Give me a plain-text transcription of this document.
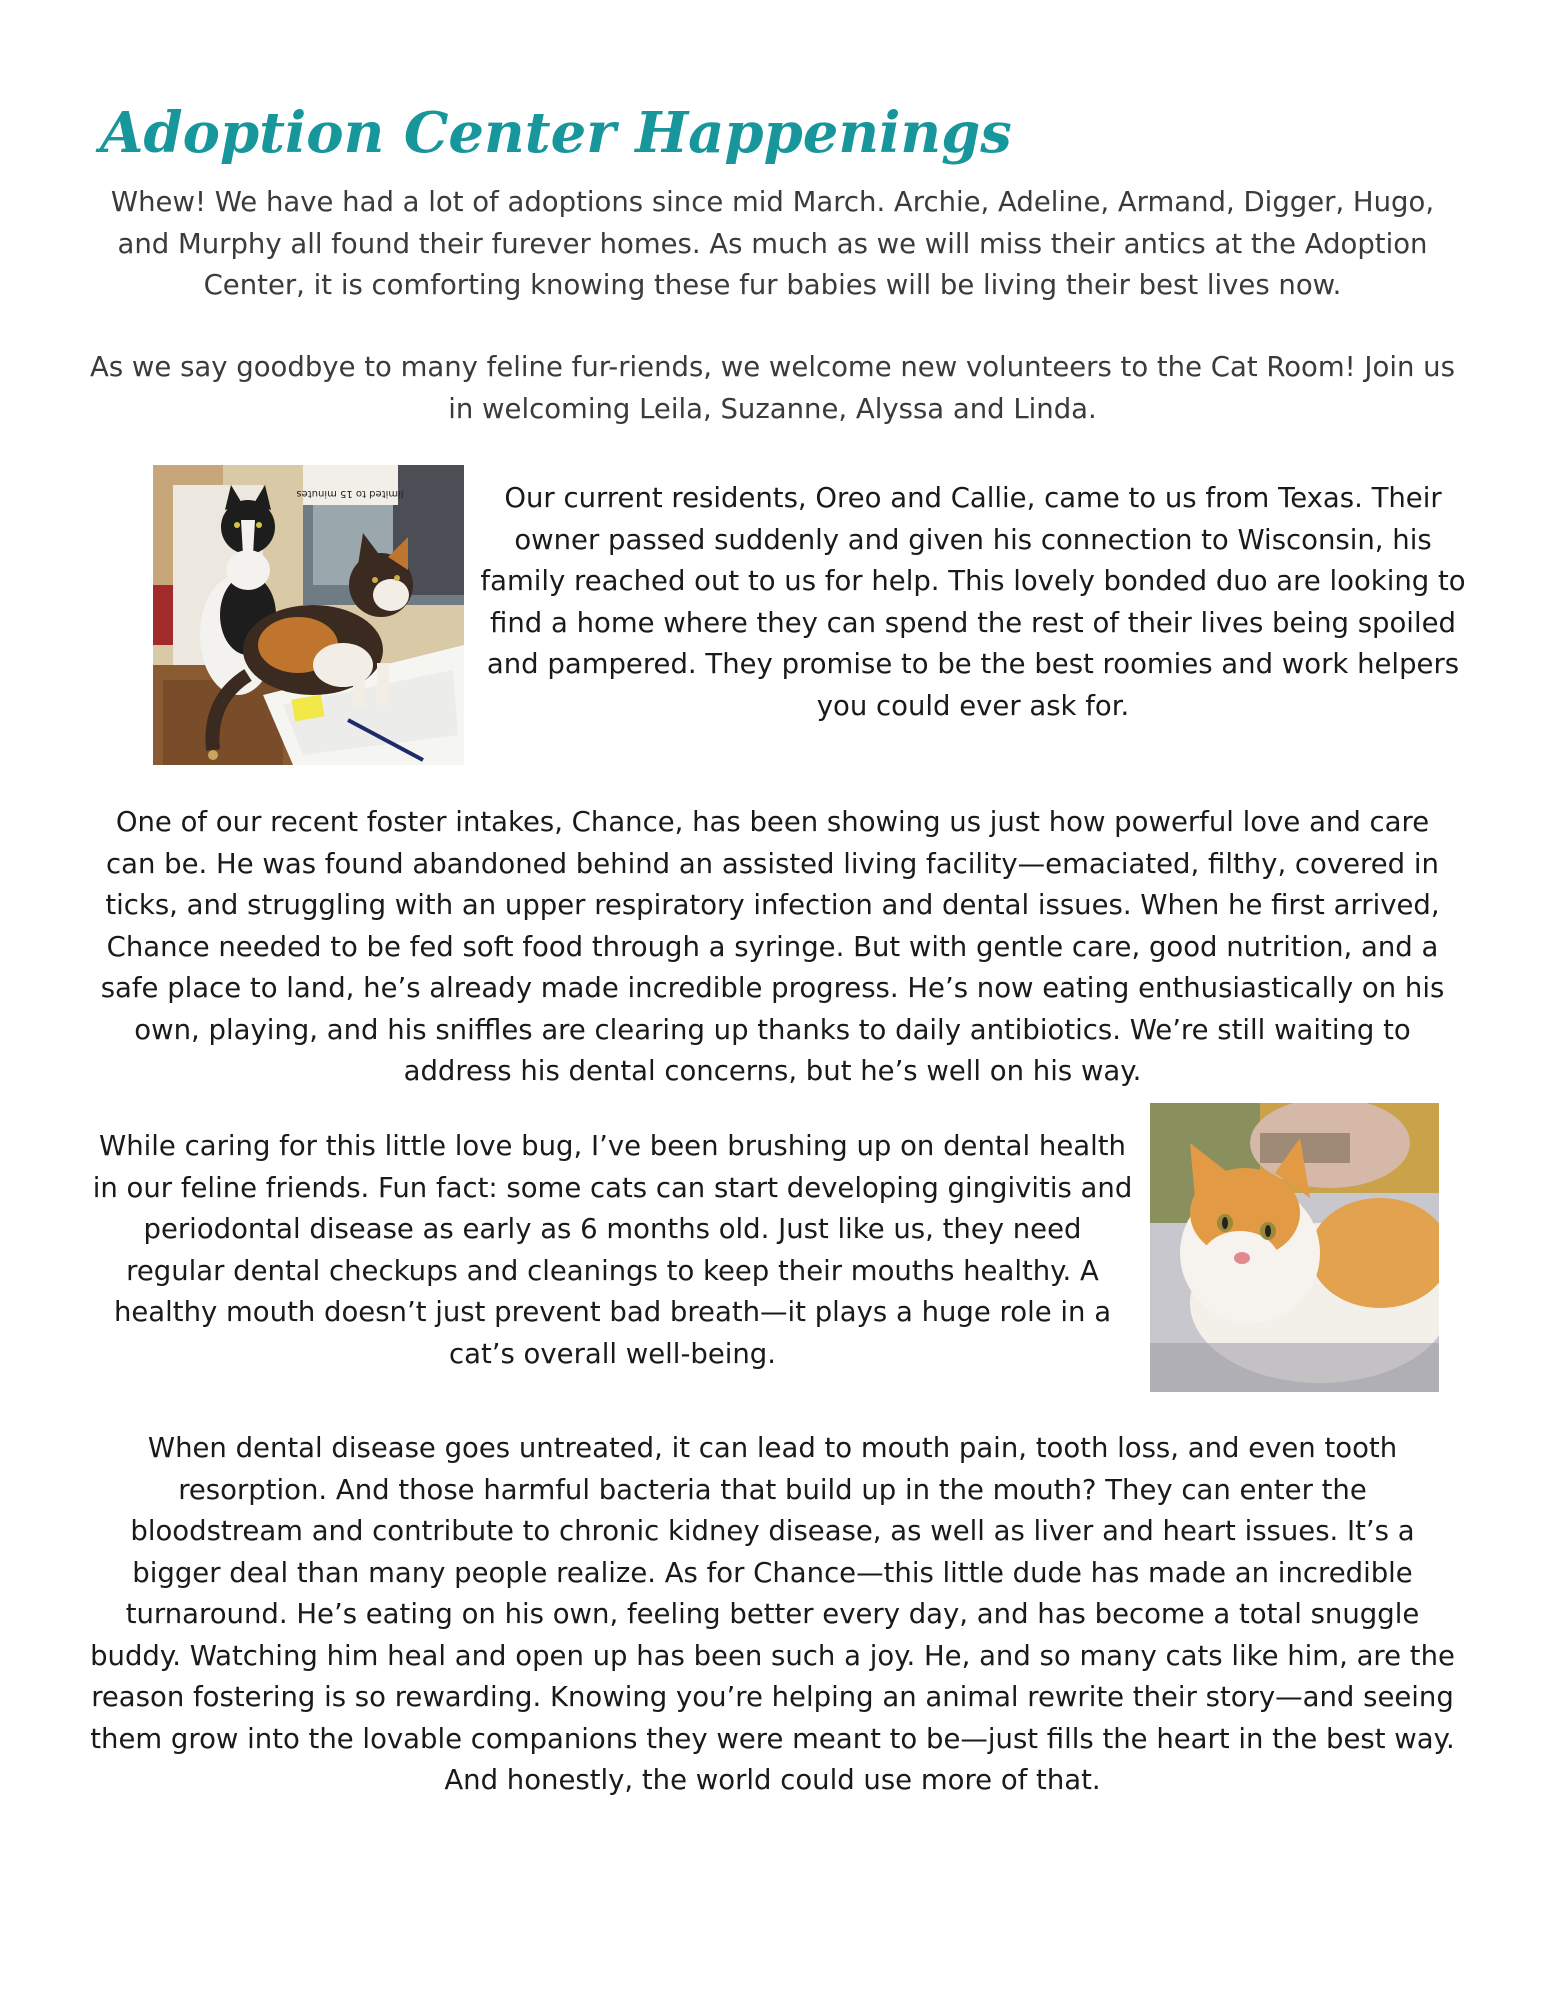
Adoption Center Happenings

Whew! We have had a lot of adoptions since mid March. Archie, Adeline, Armand, Digger, Hugo, and Murphy all found their furever homes. As much as we will miss their antics at the Adoption Center, it is comforting knowing these fur babies will be living their best lives now.

As we say goodbye to many feline fur-riends, we welcome new volunteers to the Cat Room! Join us in welcoming Leila, Suzanne, Alyssa and Linda.

limited to 15 minutes	Our current residents, Oreo and Callie, came to us from Texas. Their owner passed suddenly and given his connection to Wisconsin, his family reached out to us for help. This lovely bonded duo are looking to find a home where they can spend the rest of their lives being spoiled and pampered. They promise to be the best roomies and work helpers you could ever ask for.

One of our recent foster intakes, Chance, has been showing us just how powerful love and care can be. He was found abandoned behind an assisted living facility—emaciated, filthy, covered in ticks, and struggling with an upper respiratory infection and dental issues. When he first arrived, Chance needed to be fed soft food through a syringe. But with gentle care, good nutrition, and a safe place to land, he’s already made incredible progress. He’s now eating enthusiastically on his own, playing, and his sniffles are clearing up thanks to daily antibiotics. We’re still waiting to address his dental concerns, but he’s well on his way.

While caring for this little love bug, I’ve been brushing up on dental health in our feline friends. Fun fact: some cats can start developing gingivitis and periodontal disease as early as 6 months old. Just like us, they need regular dental checkups and cleanings to keep their mouths healthy. A healthy mouth doesn’t just prevent bad breath—it plays a huge role in a cat’s overall well-being.

When dental disease goes untreated, it can lead to mouth pain, tooth loss, and even tooth resorption. And those harmful bacteria that build up in the mouth? They can enter the bloodstream and contribute to chronic kidney disease, as well as liver and heart issues. It’s a bigger deal than many people realize. As for Chance—this little dude has made an incredible turnaround. He’s eating on his own, feeling better every day, and has become a total snuggle buddy. Watching him heal and open up has been such a joy. He, and so many cats like him, are the reason fostering is so rewarding. Knowing you’re helping an animal rewrite their story—and seeing them grow into the lovable companions they were meant to be—just fills the heart in the best way. And honestly, the world could use more of that.
